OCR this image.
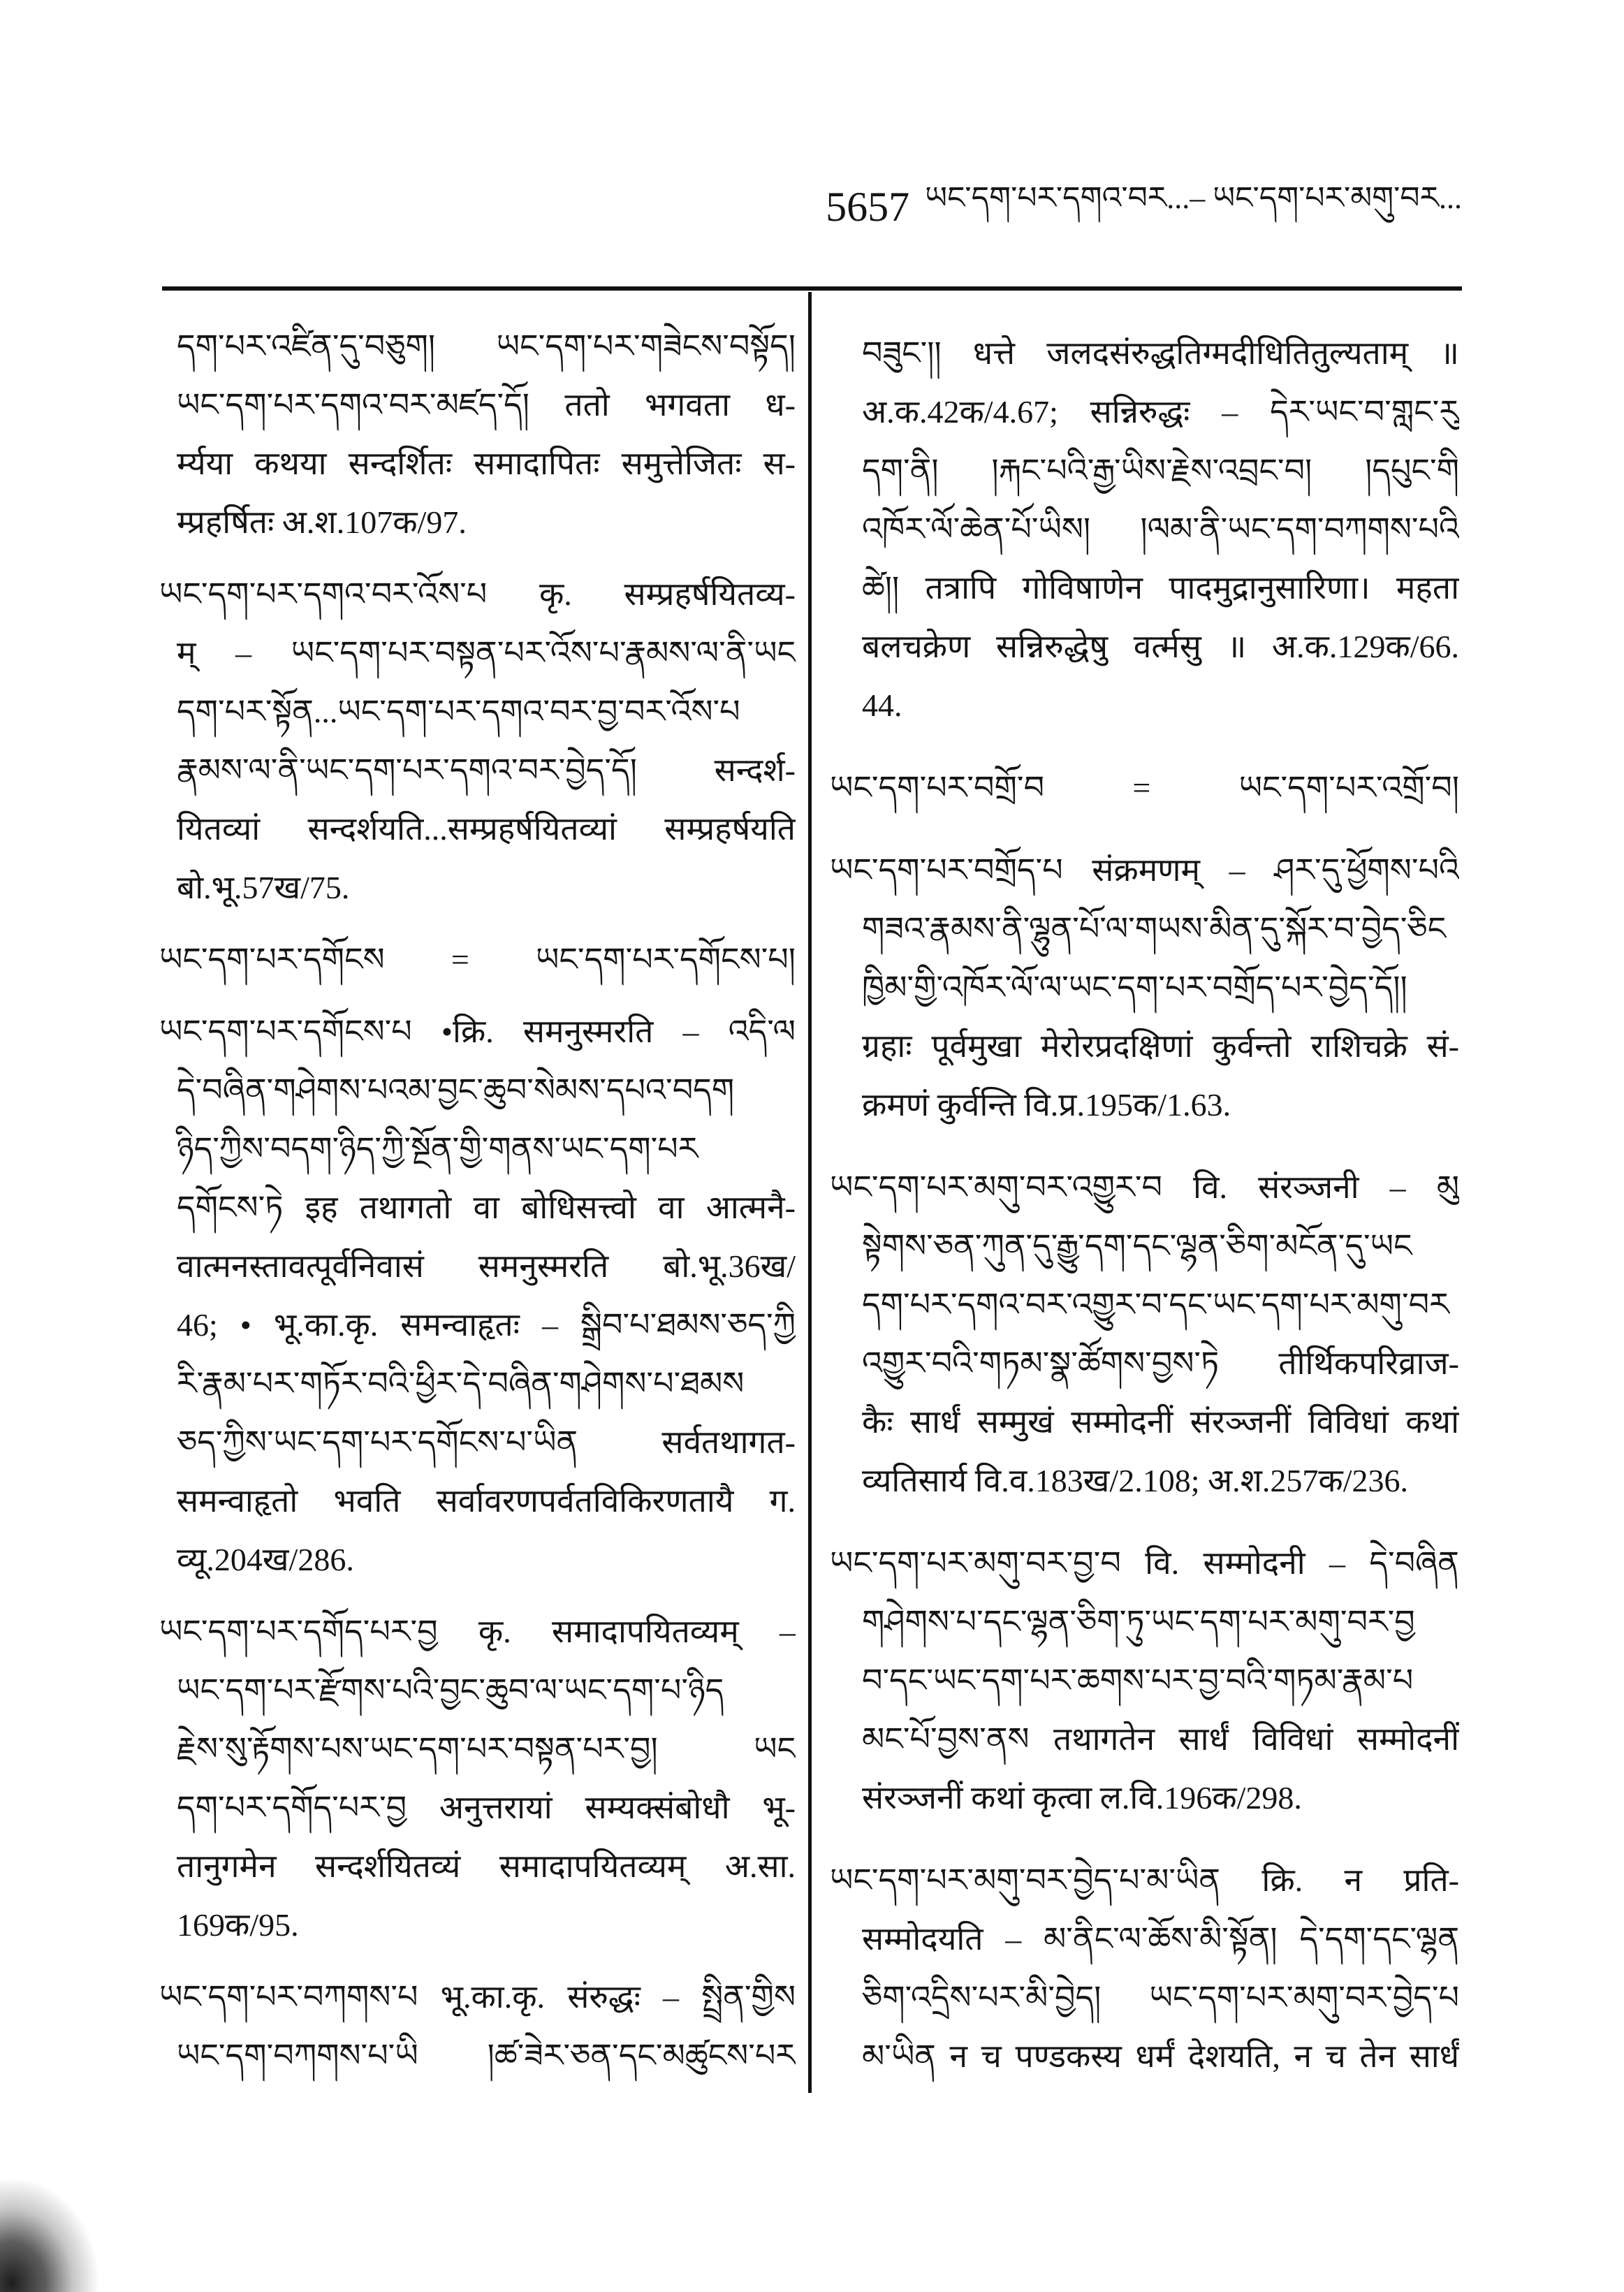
5657 ཡང་དག་པར་དགའ་བར...– ཡང་དག་པར་མགུ་བར...
དག་པར་འཛིན་དུ་བཅུག། ཡང་དག་པར་གཟེངས་བསྟོད།
ཡང་དག་པར་དགའ་བར་མཛད་དོ། ततो भगवता ध-
र्म्यया कथया सन्दर्शितः समादापितः समुत्तेजितः स-
म्प्रहर्षितः अ.श.107क/97.
ཡང་དག་པར་དགའ་བར་འོས་པ कृ. सम्प्रहर्षयितव्य-
म् – ཡང་དག་པར་བསྟན་པར་འོས་པ་རྣམས་ལ་ནི་ཡང
དག་པར་སྟོན...ཡང་དག་པར་དགའ་བར་བྱ་བར་འོས་པ
རྣམས་ལ་ནི་ཡང་དག་པར་དགའ་བར་བྱེད་དོ། सन्दर्श-
यितव्यां सन्दर्शयति...सम्प्रहर्षयितव्यां सम्प्रहर्षयति
बो.भू.57ख/75.
ཡང་དག་པར་དགོངས = ཡང་དག་པར་དགོངས་པ།
ཡང་དག་པར་དགོངས་པ •क्रि. समनुस्मरति – འདི་ལ
དེ་བཞིན་གཤེགས་པའམ་བྱང་ཆུབ་སེམས་དཔའ་བདག
ཉིད་ཀྱིས་བདག་ཉིད་ཀྱི་སྔོན་གྱི་གནས་ཡང་དག་པར
དགོངས་ཏེ इह तथागतो वा बोधिसत्त्वो वा आत्मनै-
वात्मनस्तावत्पूर्वनिवासं समनुस्मरति बो.भू.36ख/
46; • भू.का.कृ. समन्वाहृतः – སྒྲིབ་པ་ཐམས་ཅད་ཀྱི
རི་རྣམ་པར་གཏོར་བའི་ཕྱིར་དེ་བཞིན་གཤེགས་པ་ཐམས
ཅད་ཀྱིས་ཡང་དག་པར་དགོངས་པ་ཡིན सर्वतथागत-
समन्वाहृतो भवति सर्वावरणपर्वतविकिरणतायै ग.
व्यू.204ख/286.
ཡང་དག་པར་དགོད་པར་བྱ कृ. समादापयितव्यम् –
ཡང་དག་པར་རྫོགས་པའི་བྱང་ཆུབ་ལ་ཡང་དག་པ་ཉིད
རྗེས་སུ་རྟོགས་པས་ཡང་དག་པར་བསྟན་པར་བྱ། ཡང
དག་པར་དགོད་པར་བྱ अनुत्तरायां सम्यक्संबोधौ भू-
तानुगमेन सन्दर्शयितव्यं समादापयितव्यम् अ.सा.
169क/95.
ཡང་དག་པར་བཀགས་པ भू.का.कृ. संरुद्धः – སྤྲིན་གྱིས
ཡང་དག་བཀགས་པ་ཡི །ཚ་ཟེར་ཅན་དང་མཚུངས་པར
བཟུང་།། धत्ते जलदसंरुद्धतिग्मदीधितितुल्यताम् ॥
अ.क.42क/4.67; सन्निरुद्धः – དེར་ཡང་བ་གླང་རུ
དག་ནི། །རྐང་པའི་རྒྱ་ཡིས་རྗེས་འབྲང་བ། །དཔུང་གི
འཁོར་ལོ་ཆེན་པོ་ཡིས། །ལམ་ནི་ཡང་དག་བཀགས་པའི
ཚེ།། तत्रापि गोविषाणेन पादमुद्रानुसारिणा। महता
बलचक्रेण सन्निरुद्धेषु वर्त्मसु ॥ अ.क.129क/66.
44.
ཡང་དག་པར་བགྲོ་བ = ཡང་དག་པར་འགྲོ་བ།
ཡང་དག་པར་བགྲོད་པ संक्रमणम् – ཤར་དུ་ཕྱོགས་པའི
གཟའ་རྣམས་ནི་ལྷུན་པོ་ལ་གཡས་མིན་དུ་སྐོར་བ་བྱེད་ཅིང
ཁྱིམ་གྱི་འཁོར་ལོ་ལ་ཡང་དག་པར་བགྲོད་པར་བྱེད་དོ།།
ग्रहाः पूर्वमुखा मेरोरप्रदक्षिणां कुर्वन्तो राशिचक्रे सं-
क्रमणं कुर्वन्ति वि.प्र.195क/1.63.
ཡང་དག་པར་མགུ་བར་འགྱུར་བ वि. संरञ्जनी – མུ
སྟེགས་ཅན་ཀུན་དུ་རྒྱུ་དག་དང་ལྷན་ཅིག་མངོན་དུ་ཡང
དག་པར་དགའ་བར་འགྱུར་བ་དང་ཡང་དག་པར་མགུ་བར
འགྱུར་བའི་གཏམ་སྣ་ཚོགས་བྱས་ཏེ तीर्थिकपरिव्राज-
कैः सार्धं सम्मुखं सम्मोदनीं संरञ्जनीं विविधां कथां
व्यतिसार्य वि.व.183ख/2.108; अ.श.257क/236.
ཡང་དག་པར་མགུ་བར་བྱ་བ वि. सम्मोदनी – དེ་བཞིན
གཤེགས་པ་དང་ལྷན་ཅིག་ཏུ་ཡང་དག་པར་མགུ་བར་བྱ
བ་དང་ཡང་དག་པར་ཆགས་པར་བྱ་བའི་གཏམ་རྣམ་པ
མང་པོ་བྱས་ནས तथागतेन सार्धं विविधां सम्मोदनीं
संरञ्जनीं कथां कृत्वा ल.वि.196क/298.
ཡང་དག་པར་མགུ་བར་བྱེད་པ་མ་ཡིན क्रि. न प्रति-
सम्मोदयति – མ་ནིང་ལ་ཆོས་མི་སྟོན། དེ་དག་དང་ལྷན
ཅིག་འདྲིས་པར་མི་བྱེད། ཡང་དག་པར་མགུ་བར་བྱེད་པ
མ་ཡིན न च पण्डकस्य धर्मं देशयति, न च तेन सार्धं
